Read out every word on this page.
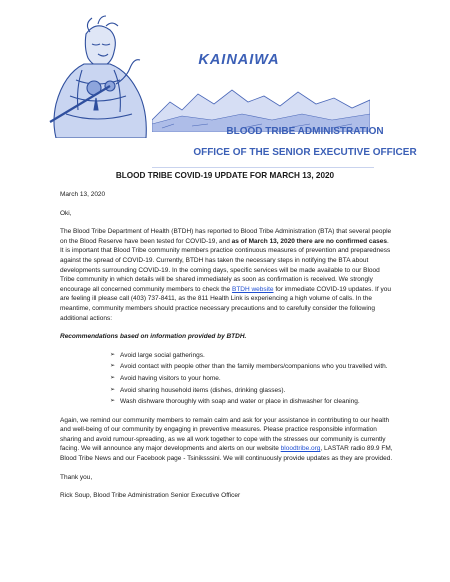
KAINAIWA
BLOOD TRIBE ADMINISTRATION
OFFICE OF THE SENIOR EXECUTIVE OFFICER
BLOOD TRIBE COVID-19 UPDATE FOR MARCH 13, 2020

March 13, 2020

Oki,

The Blood Tribe Department of Health (BTDH) has reported to Blood Tribe Administration (BTA) that several people on the Blood Reserve have been tested for COVID-19, and as of March 13, 2020 there are no confirmed cases. It is important that Blood Tribe community members practice continuous measures of prevention and preparedness against the spread of COVID-19. Currently, BTDH has taken the necessary steps in notifying the BTA about developments surrounding COVID-19. In the coming days, specific services will be made available to our Blood Tribe community in which details will be shared immediately as soon as confirmation is received. We strongly encourage all concerned community members to check the BTDH website for immediate COVID-19 updates. If you are feeling ill please call (403) 737-8411, as the 811 Health Link is experiencing a high volume of calls. In the meantime, community members should practice necessary precautions and to carefully consider the following additional actions:

Recommendations based on information provided by BTDH.

➢ Avoid large social gatherings.
➢ Avoid contact with people other than the family members/companions who you travelled with.
➢ Avoid having visitors to your home.
➢ Avoid sharing household items (dishes, drinking glasses).
➢ Wash dishware thoroughly with soap and water or place in dishwasher for cleaning.

Again, we remind our community members to remain calm and ask for your assistance in contributing to our health and well-being of our community by engaging in preventive measures. Please practice responsible information sharing and avoid rumour-spreading, as we all work together to cope with the stresses our community is currently facing. We will announce any major developments and alerts on our website bloodtribe.org, LASTAR radio 89.9 FM, Blood Tribe News and our Facebook page - Tsiniksssini. We will continuously provide updates as they are provided.

Thank you,

Rick Soup, Blood Tribe Administration Senior Executive Officer
